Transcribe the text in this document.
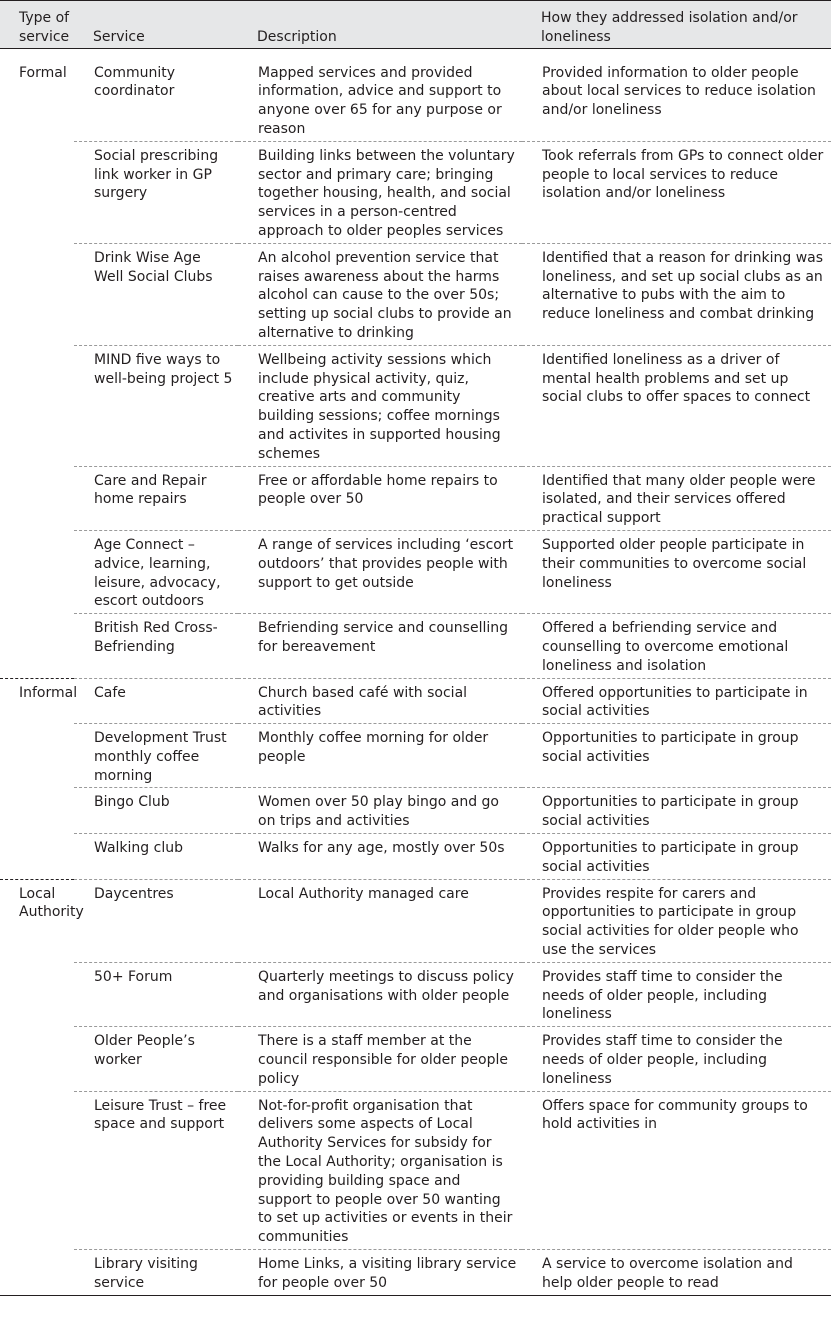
Type of service	Service	Description	How they addressed isolation and/or loneliness
Formal	Community coordinator	Mapped services and provided information, advice and support to anyone over 65 for any purpose or reason	Provided information to older people about local services to reduce isolation and/or loneliness
	Social prescribing link worker in GP surgery	Building links between the voluntary sector and primary care; bringing together housing, health, and social services in a person-centred approach to older peoples services	Took referrals from GPs to connect older people to local services to reduce isolation and/or loneliness
	Drink Wise Age Well Social Clubs	An alcohol prevention service that raises awareness about the harms alcohol can cause to the over 50s; setting up social clubs to provide an alternative to drinking	Identified that a reason for drinking was loneliness, and set up social clubs as an alternative to pubs with the aim to reduce loneliness and combat drinking
	MIND five ways to well-being project 5	Wellbeing activity sessions which include physical activity, quiz, creative arts and community building sessions; coffee mornings and activites in supported housing schemes	Identified loneliness as a driver of mental health problems and set up social clubs to offer spaces to connect
	Care and Repair home repairs	Free or affordable home repairs to people over 50	Identified that many older people were isolated, and their services offered practical support
	Age Connect – advice, learning, leisure, advocacy, escort outdoors	A range of services including ‘escort outdoors’ that provides people with support to get outside	Supported older people participate in their communities to overcome social loneliness
	British Red Cross-Befriending	Befriending service and counselling for bereavement	Offered a befriending service and counselling to overcome emotional loneliness and isolation
Informal	Cafe	Church based café with social activities	Offered opportunities to participate in social activities
	Development Trust monthly coffee morning	Monthly coffee morning for older people	Opportunities to participate in group social activities
	Bingo Club	Women over 50 play bingo and go on trips and activities	Opportunities to participate in group social activities
	Walking club	Walks for any age, mostly over 50s	Opportunities to participate in group social activities
Local Authority	Daycentres	Local Authority managed care	Provides respite for carers and opportunities to participate in group social activities for older people who use the services
	50+ Forum	Quarterly meetings to discuss policy and organisations with older people	Provides staff time to consider the needs of older people, including loneliness
	Older People’s worker	There is a staff member at the council responsible for older people policy	Provides staff time to consider the needs of older people, including loneliness
	Leisure Trust – free space and support	Not-for-profit organisation that delivers some aspects of Local Authority Services for subsidy for the Local Authority; organisation is providing building space and support to people over 50 wanting to set up activities or events in their communities	Offers space for community groups to hold activities in
	Library visiting service	Home Links, a visiting library service for people over 50	A service to overcome isolation and help older people to read
